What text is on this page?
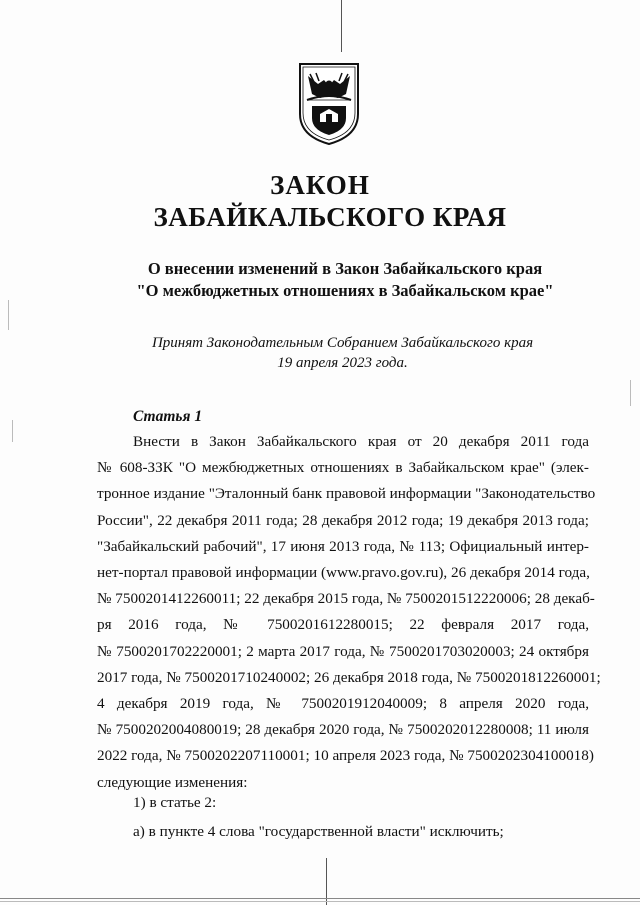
ЗАКОН
ЗАБАЙКАЛЬСКОГО КРАЯ
О внесении изменений в Закон Забайкальского края
"О межбюджетных отношениях в Забайкальском крае"
Принят Законодательным Собранием Забайкальского края
19 апреля 2023 года.
Статья 1
Внести в Закон Забайкальского края от 20 декабря 2011 года
№ 608-ЗЗК "О межбюджетных отношениях в Забайкальском крае" (элек-
тронное издание "Эталонный банк правовой информации "Законодательство
России", 22 декабря 2011 года; 28 декабря 2012 года; 19 декабря 2013 года;
"Забайкальский рабочий", 17 июня 2013 года, № 113; Официальный интер-
нет-портал правовой информации (www.pravo.gov.ru), 26 декабря 2014 года,
№ 7500201412260011; 22 декабря 2015 года, № 7500201512220006; 28 декаб-
ря 2016 года, № 7500201612280015; 22 февраля 2017 года,
№ 7500201702220001; 2 марта 2017 года, № 7500201703020003; 24 октября
2017 года, № 7500201710240002; 26 декабря 2018 года, № 7500201812260001;
4 декабря 2019 года, № 7500201912040009; 8 апреля 2020 года,
№ 7500202004080019; 28 декабря 2020 года, № 7500202012280008; 11 июля
2022 года, № 7500202207110001; 10 апреля 2023 года, № 7500202304100018)
следующие изменения:
1) в статье 2:
а) в пункте 4 слова "государственной власти" исключить;
